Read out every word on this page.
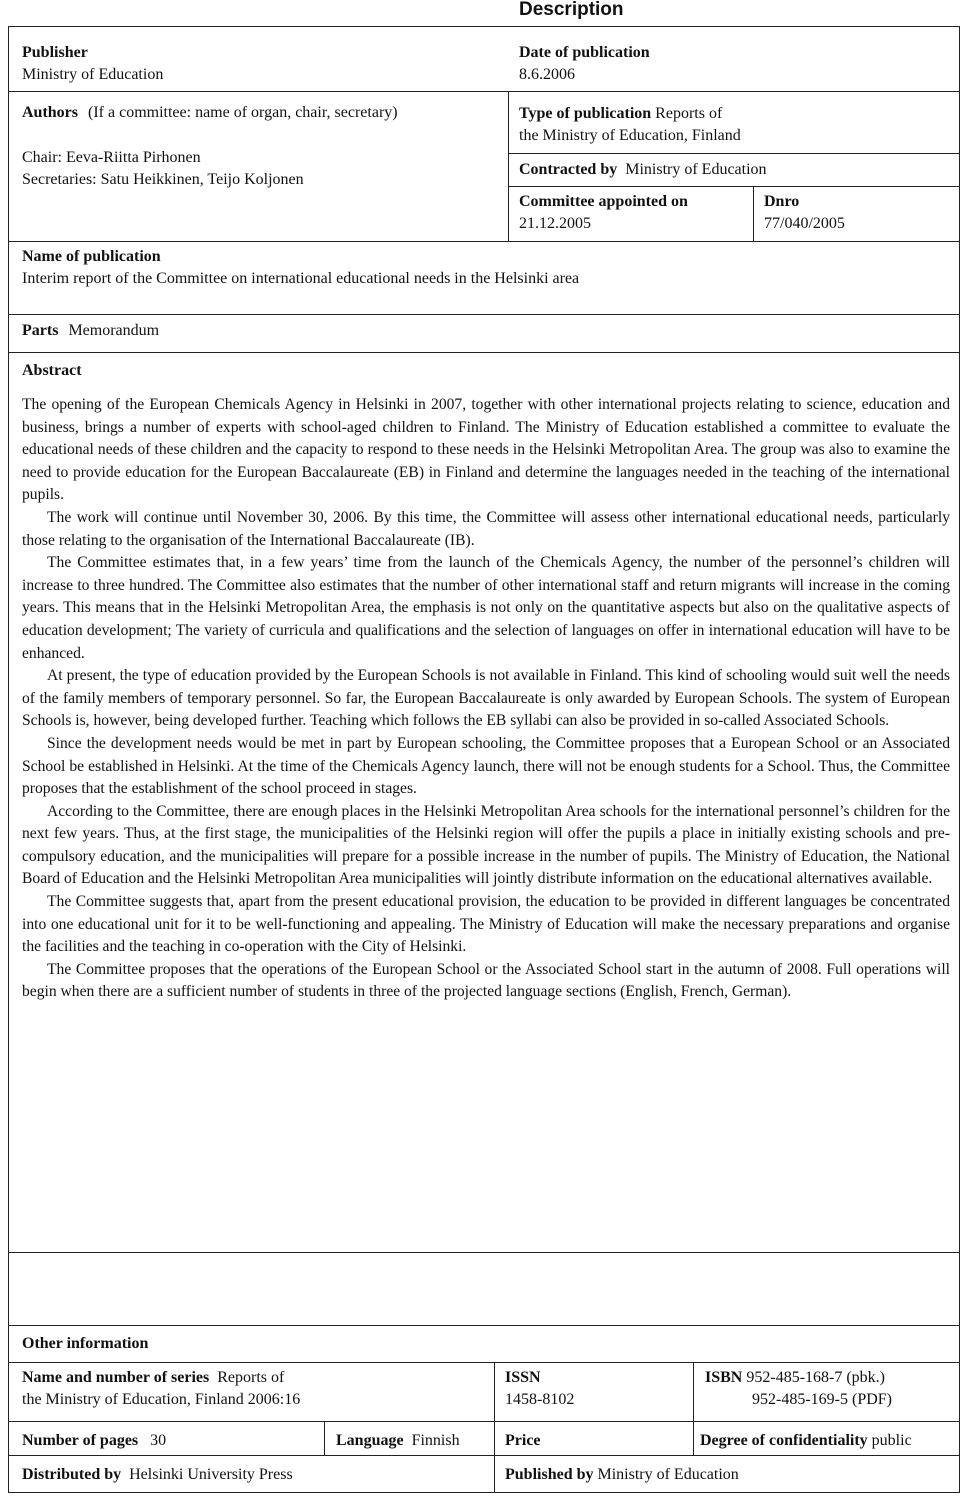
Description
Publisher
Ministry of Education
Date of publication
8.6.2006
Authors (If a committee: name of organ, chair, secretary)
Chair: Eeva-Riitta Pirhonen
Secretaries: Satu Heikkinen, Teijo Koljonen
Type of publication Reports of
the Ministry of Education, Finland
Contracted by Ministry of Education
Committee appointed on
21.12.2005
Dnro
77/040/2005
Name of publication
Interim report of the Committee on international educational needs in the Helsinki area
Parts Memorandum
Abstract

The opening of the European Chemicals Agency in Helsinki in 2007, together with other international projects relating to science, education and business, brings a number of experts with school-aged children to Finland. The Ministry of Education established a committee to evaluate the educational needs of these children and the capacity to respond to these needs in the Helsinki Metropolitan Area. The group was also to examine the need to provide education for the European Baccalaureate (EB) in Finland and determine the languages needed in the teaching of the international pupils.

The work will continue until November 30, 2006. By this time, the Committee will assess other international educational needs, particularly those relating to the organisation of the International Baccalaureate (IB).

The Committee estimates that, in a few years’ time from the launch of the Chemicals Agency, the number of the personnel’s children will increase to three hundred. The Committee also estimates that the number of other international staff and return migrants will increase in the coming years. This means that in the Helsinki Metropolitan Area, the emphasis is not only on the quantitative aspects but also on the qualitative aspects of education development; The variety of curricula and qualifications and the selection of languages on offer in international education will have to be enhanced.

At present, the type of education provided by the European Schools is not available in Finland. This kind of schooling would suit well the needs of the family members of temporary personnel. So far, the European Baccalaureate is only awarded by European Schools. The system of European Schools is, however, being developed further. Teaching which follows the EB syllabi can also be provided in so-called Associated Schools.

Since the development needs would be met in part by European schooling, the Committee proposes that a European School or an Associated School be established in Helsinki. At the time of the Chemicals Agency launch, there will not be enough students for a School. Thus, the Committee proposes that the establishment of the school proceed in stages.

According to the Committee, there are enough places in the Helsinki Metropolitan Area schools for the international personnel’s children for the next few years. Thus, at the first stage, the municipalities of the Helsinki region will offer the pupils a place in initially existing schools and pre-compulsory education, and the municipalities will prepare for a possible increase in the number of pupils. The Ministry of Education, the National Board of Education and the Helsinki Metropolitan Area municipalities will jointly distribute information on the educational alternatives available.

The Committee suggests that, apart from the present educational provision, the education to be provided in different languages be concentrated into one educational unit for it to be well-functioning and appealing. The Ministry of Education will make the necessary preparations and organise the facilities and the teaching in co-operation with the City of Helsinki.

The Committee proposes that the operations of the European School or the Associated School start in the autumn of 2008. Full operations will begin when there are a sufficient number of students in three of the projected language sections (English, French, German).

Other information
Name and number of series Reports of
the Ministry of Education, Finland 2006:16
ISSN
1458-8102
ISBN 952-485-168-7 (pbk.)
952-485-169-5 (PDF)
Number of pages 30	Language Finnish	Price	Degree of confidentiality public
Distributed by Helsinki University Press	Published by Ministry of Education
